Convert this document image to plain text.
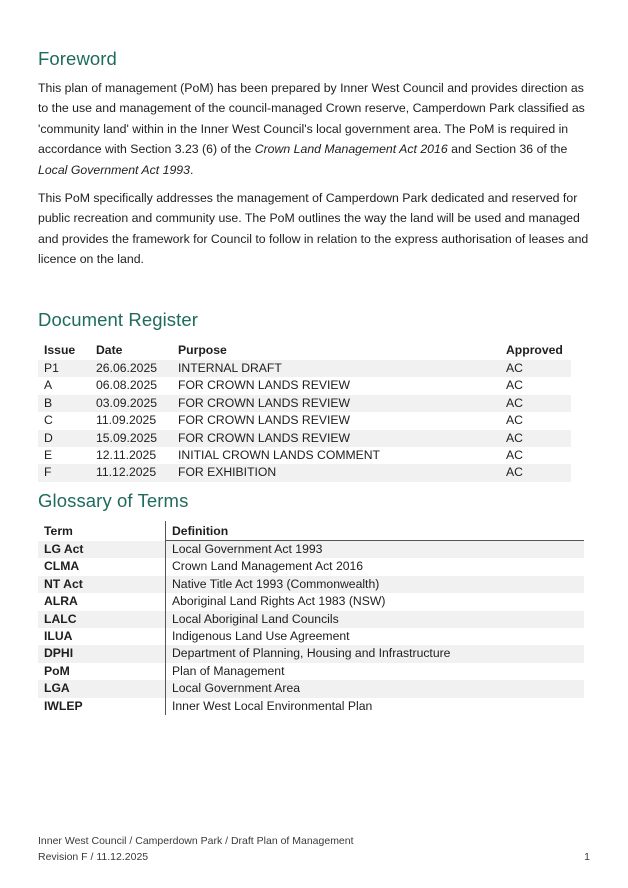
Foreword

This plan of management (PoM) has been prepared by Inner West Council and provides direction as to the use and management of the council-managed Crown reserve, Camperdown Park classified as 'community land' within in the Inner West Council's local government area. The PoM is required in accordance with Section 3.23 (6) of the Crown Land Management Act 2016 and Section 36 of the Local Government Act 1993.

This PoM specifically addresses the management of Camperdown Park dedicated and reserved for public recreation and community use. The PoM outlines the way the land will be used and managed and provides the framework for Council to follow in relation to the express authorisation of leases and licence on the land.

Document Register
Issue	Date	Purpose	Approved
P1	26.06.2025	INTERNAL DRAFT	AC
A	06.08.2025	FOR CROWN LANDS REVIEW	AC
B	03.09.2025	FOR CROWN LANDS REVIEW	AC
C	11.09.2025	FOR CROWN LANDS REVIEW	AC
D	15.09.2025	FOR CROWN LANDS REVIEW	AC
E	12.11.2025	INITIAL CROWN LANDS COMMENT	AC
F	11.12.2025	FOR EXHIBITION	AC
Glossary of Terms
Term	Definition
LG Act	Local Government Act 1993
CLMA	Crown Land Management Act 2016
NT Act	Native Title Act 1993 (Commonwealth)
ALRA	Aboriginal Land Rights Act 1983 (NSW)
LALC	Local Aboriginal Land Councils
ILUA	Indigenous Land Use Agreement
DPHI	Department of Planning, Housing and Infrastructure
PoM	Plan of Management
LGA	Local Government Area
IWLEP	Inner West Local Environmental Plan
Inner West Council / Camperdown Park / Draft Plan of Management
Revision F / 11.12.2025	1
